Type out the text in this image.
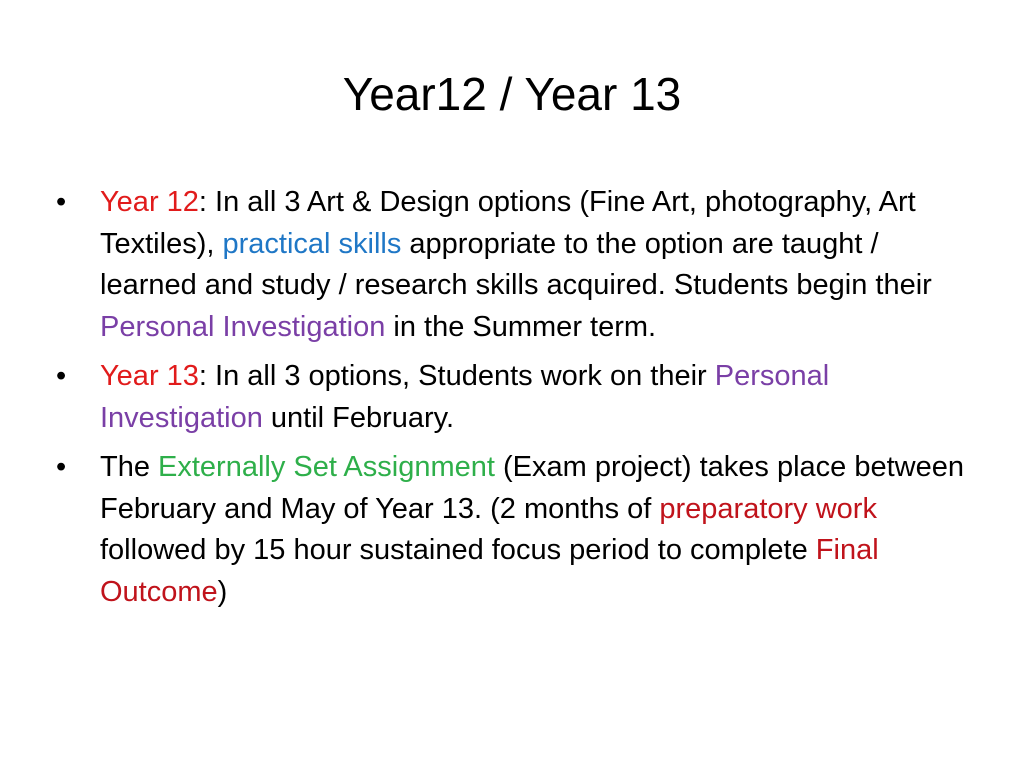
Year12 / Year 13
•	Year 12: In all 3 Art & Design options (Fine Art, photography, Art Textiles), practical skills appropriate to the option are taught / learned and study / research skills acquired. Students begin their Personal Investigation in the Summer term.
•	Year 13: In all 3 options, Students work on their Personal Investigation until February.
•	The Externally Set Assignment (Exam project) takes place between February and May of Year 13. (2 months of preparatory work followed by 15 hour sustained focus period to complete Final Outcome)
